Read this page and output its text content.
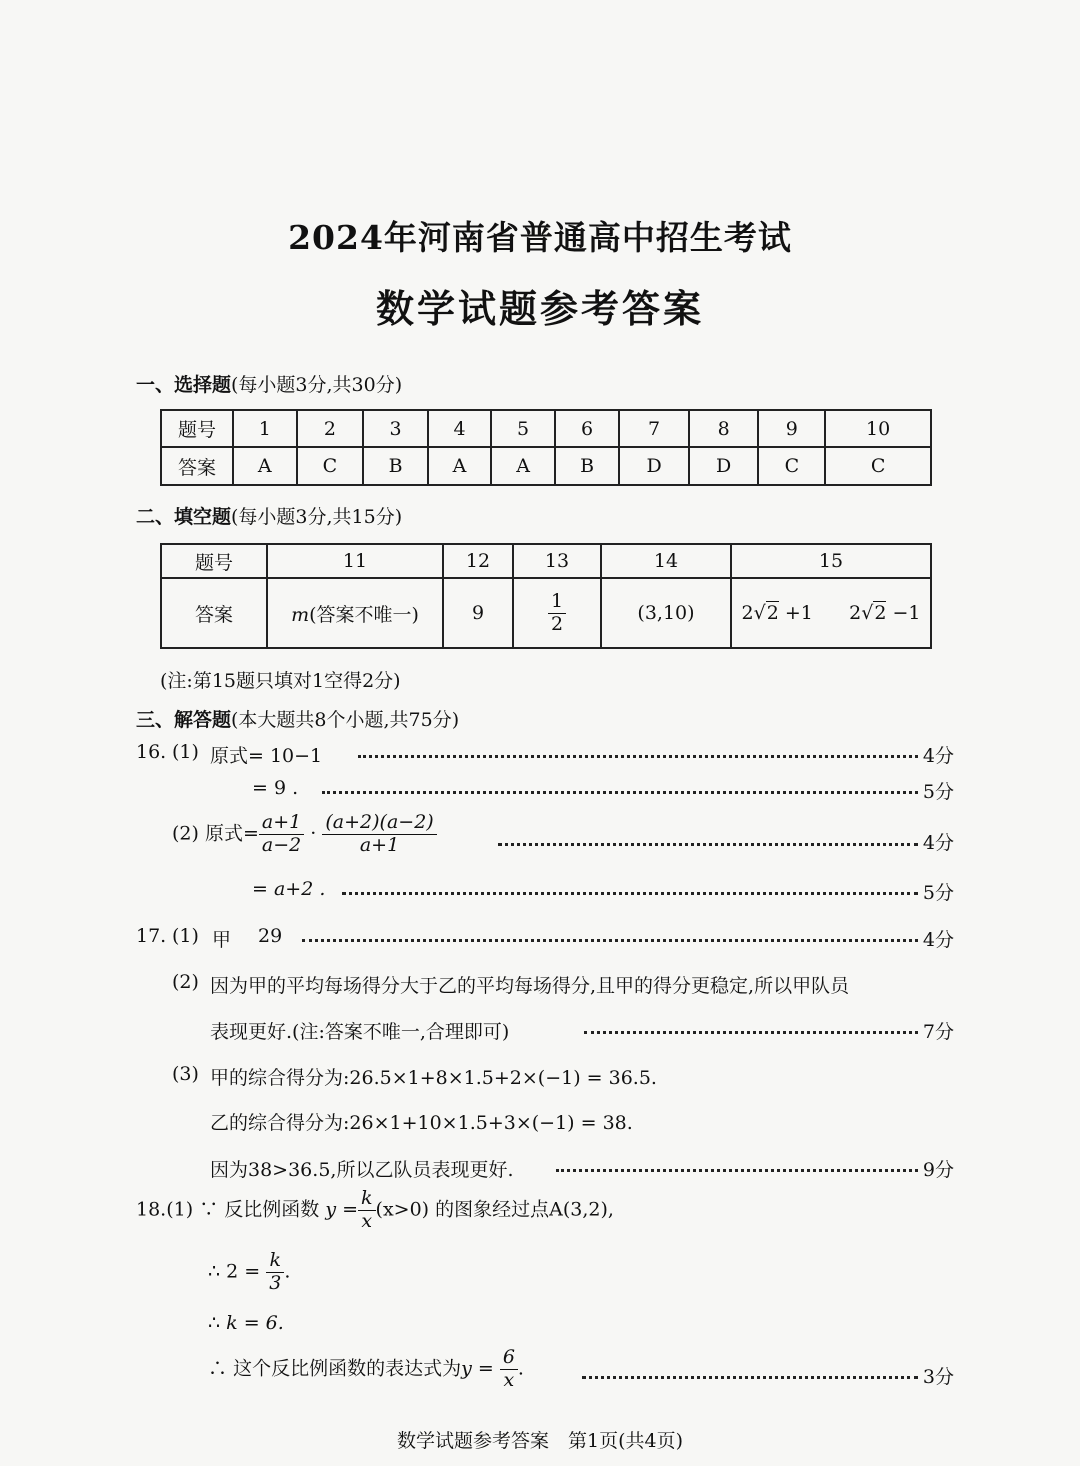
2024年河南省普通高中招生考试
数学试题参考答案
一、选择题(每小题3分,共30分)
题号	1	2	3	4	5	6	7	8	9	10
答案	A	C	B	A	A	B	D	D	C	C
二、填空题(每小题3分,共15分)
题号	11	12	13	14	15
答案	m(答案不唯一)	9	$\frac{1}{2}$	(3,10)	2√2 +1 2√2 −1
(注:第15题只填对1空得2分)
三、解答题(本大题共8个小题,共75分)
16. (1) 原式= 10−1	4分
= 9 .	5分
(2) 原式= $\frac{a+1}{a-2} \cdot \frac{(a+2)(a-2)}{a+1}$	4分
= a+2 .	5分
17. (1) 甲 29	4分
(2) 因为甲的平均每场得分大于乙的平均每场得分,且甲的得分更稳定,所以甲队员
表现更好.(注:答案不唯一,合理即可)	7分
(3) 甲的综合得分为:26.5×1+8×1.5+2×(−1) = 36.5.
乙的综合得分为:26×1+10×1.5+3×(−1) = 38.
因为38>36.5,所以乙队员表现更好.	9分
18.(1) ∵ 反比例函数 $y = \frac{k}{x} (x>0)$ 的图象经过点A(3,2),
∴ $2 = \frac{k}{3}$ .
∴ k = 6.
∴ 这个反比例函数的表达式为$y = \frac{6}{x}$ .	3分
数学试题参考答案　第1页(共4页)
